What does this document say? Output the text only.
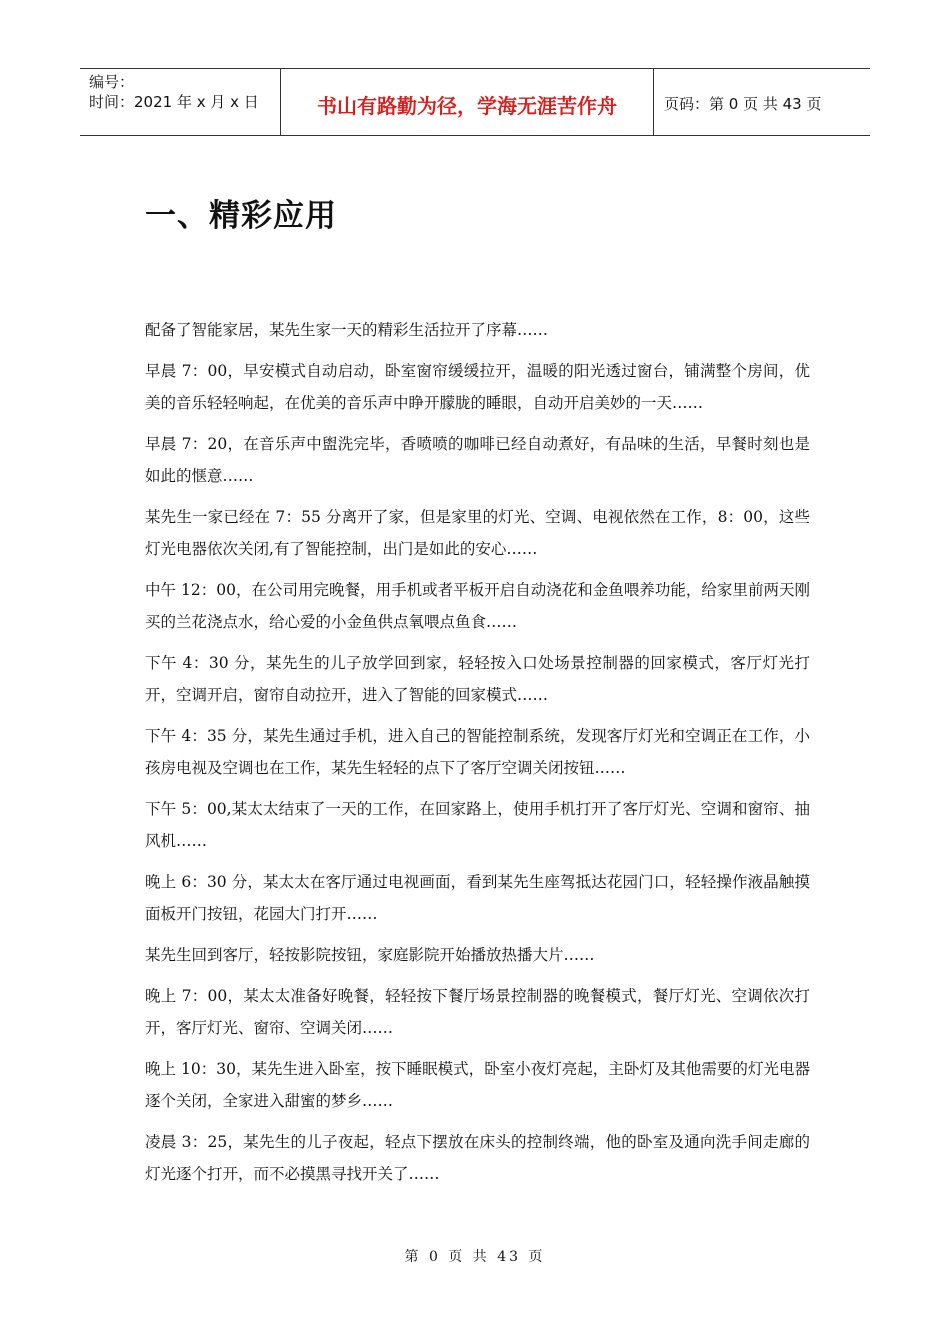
编号：
时间：2021 年 x 月 x 日	书山有路勤为径，学海无涯苦作舟	页码：第 0 页 共 43 页
一、精彩应用

配备了智能家居，某先生家一天的精彩生活拉开了序幕……

早晨 7：00，早安模式自动启动，卧室窗帘缓缓拉开，温暖的阳光透过窗台，铺满整个房间，优美的音乐轻轻响起，在优美的音乐声中睁开朦胧的睡眼，自动开启美妙的一天……

早晨 7：20，在音乐声中盥洗完毕，香喷喷的咖啡已经自动煮好，有品味的生活，早餐时刻也是如此的惬意……

某先生一家已经在 7：55 分离开了家，但是家里的灯光、空调、电视依然在工作，8：00，这些灯光电器依次关闭,有了智能控制，出门是如此的安心……

中午 12：00，在公司用完晚餐，用手机或者平板开启自动浇花和金鱼喂养功能，给家里前两天刚买的兰花浇点水，给心爱的小金鱼供点氧喂点鱼食……

下午 4：30 分，某先生的儿子放学回到家，轻轻按入口处场景控制器的回家模式，客厅灯光打开，空调开启，窗帘自动拉开，进入了智能的回家模式……

下午 4：35 分，某先生通过手机，进入自己的智能控制系统，发现客厅灯光和空调正在工作，小孩房电视及空调也在工作，某先生轻轻的点下了客厅空调关闭按钮……

下午 5：00,某太太结束了一天的工作，在回家路上，使用手机打开了客厅灯光、空调和窗帘、抽风机……

晚上 6：30 分，某太太在客厅通过电视画面，看到某先生座驾抵达花园门口，轻轻操作液晶触摸面板开门按钮，花园大门打开……

某先生回到客厅，轻按影院按钮，家庭影院开始播放热播大片……

晚上 7：00，某太太准备好晚餐，轻轻按下餐厅场景控制器的晚餐模式，餐厅灯光、空调依次打开，客厅灯光、窗帘、空调关闭……

晚上 10：30，某先生进入卧室，按下睡眠模式，卧室小夜灯亮起，主卧灯及其他需要的灯光电器逐个关闭，全家进入甜蜜的梦乡……

凌晨 3：25，某先生的儿子夜起，轻点下摆放在床头的控制终端，他的卧室及通向洗手间走廊的灯光逐个打开，而不必摸黑寻找开关了……

第 0 页 共 43 页
